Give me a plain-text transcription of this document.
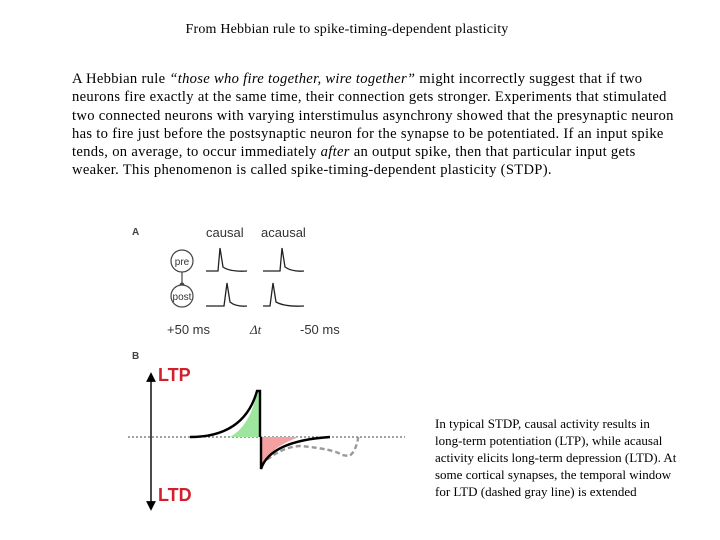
From Hebbian rule to spike-timing-dependent plasticity
A Hebbian rule “those who fire together, wire together” might incorrectly suggest that if two neurons fire exactly at the same time, their connection gets stronger. Experiments that stimulated two connected neurons with varying interstimulus asynchrony showed that the presynaptic neuron has to fire just before the postsynaptic neuron for the synapse to be potentiated. If an input spike tends, on average, to occur immediately after an output spike, then that particular input gets weaker. This phenomenon is called spike-timing-dependent plasticity (STDP).
A	causal acausal
pre
post
+50 ms	Δt	-50 ms
B
LTP
LTD
In typical STDP, causal activity results in long-term potentiation (LTP), while acausal activity elicits long-term depression (LTD). At some cortical synapses, the temporal window for LTD (dashed gray line) is extended
